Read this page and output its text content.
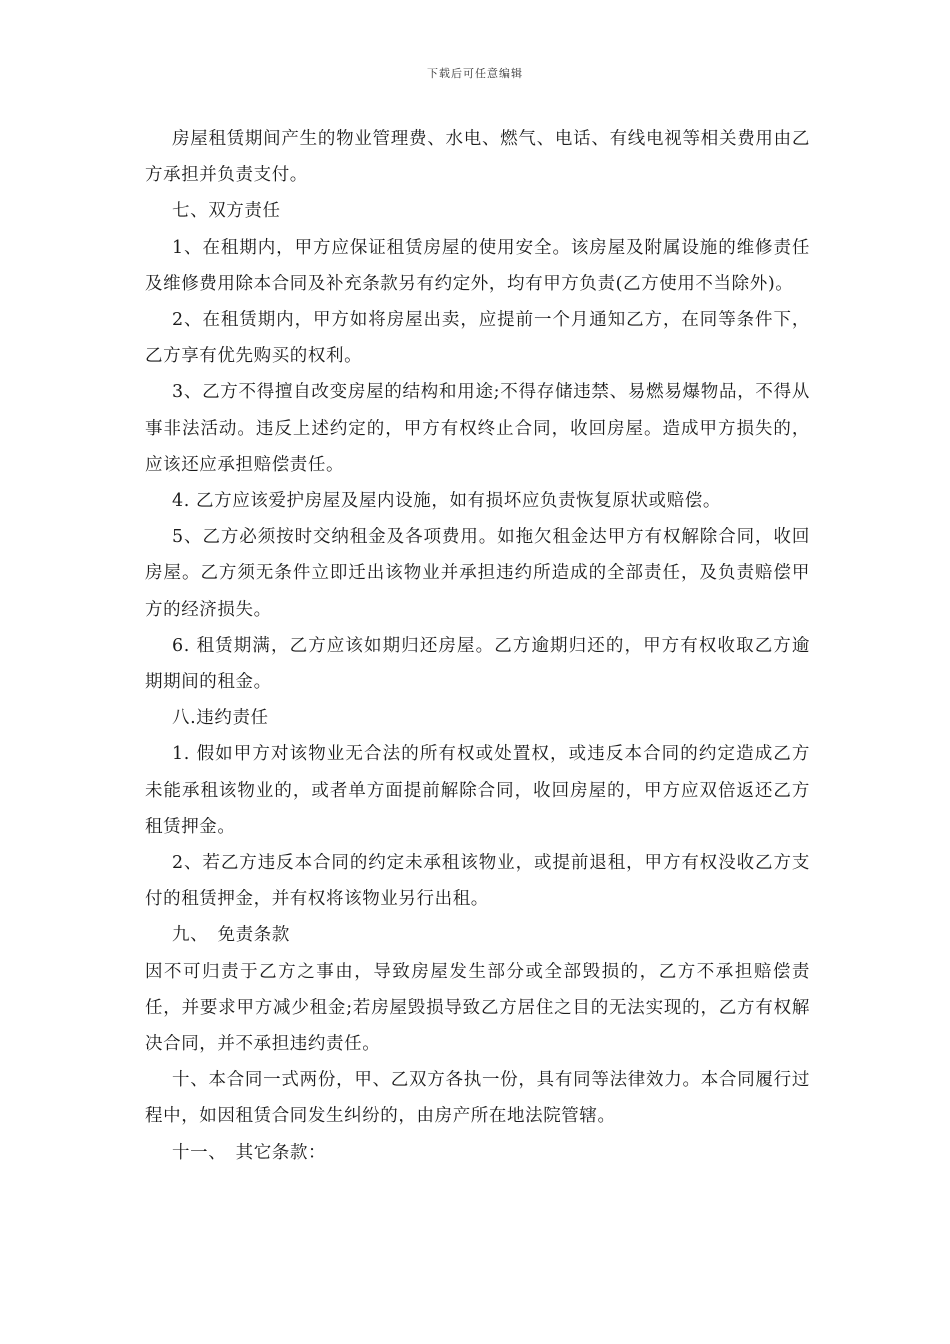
下载后可任意编辑

房屋租赁期间产生的物业管理费、水电、燃气、电话、有线电视等相关费用由乙方承担并负责支付。

七、双方责任

1、在租期内，甲方应保证租赁房屋的使用安全。该房屋及附属设施的维修责任及维修费用除本合同及补充条款另有约定外，均有甲方负责(乙方使用不当除外)。

2、在租赁期内，甲方如将房屋出卖，应提前一个月通知乙方，在同等条件下，乙方享有优先购买的权利。

3、乙方不得擅自改变房屋的结构和用途;不得存储违禁、易燃易爆物品，不得从事非法活动。违反上述约定的，甲方有权终止合同，收回房屋。造成甲方损失的，应该还应承担赔偿责任。

4. 乙方应该爱护房屋及屋内设施，如有损坏应负责恢复原状或赔偿。

5、乙方必须按时交纳租金及各项费用。如拖欠租金达甲方有权解除合同，收回房屋。乙方须无条件立即迁出该物业并承担违约所造成的全部责任，及负责赔偿甲方的经济损失。

6. 租赁期满，乙方应该如期归还房屋。乙方逾期归还的，甲方有权收取乙方逾期期间的租金。

八.违约责任

1. 假如甲方对该物业无合法的所有权或处置权，或违反本合同的约定造成乙方未能承租该物业的，或者单方面提前解除合同，收回房屋的，甲方应双倍返还乙方租赁押金。

2、若乙方违反本合同的约定未承租该物业，或提前退租，甲方有权没收乙方支付的租赁押金，并有权将该物业另行出租。

九、　免责条款

因不可归责于乙方之事由，导致房屋发生部分或全部毁损的，乙方不承担赔偿责任，并要求甲方减少租金;若房屋毁损导致乙方居住之目的无法实现的，乙方有权解决合同，并不承担违约责任。

十、本合同一式两份，甲、乙双方各执一份，具有同等法律效力。本合同履行过程中，如因租赁合同发生纠纷的，由房产所在地法院管辖。

十一、　其它条款：
